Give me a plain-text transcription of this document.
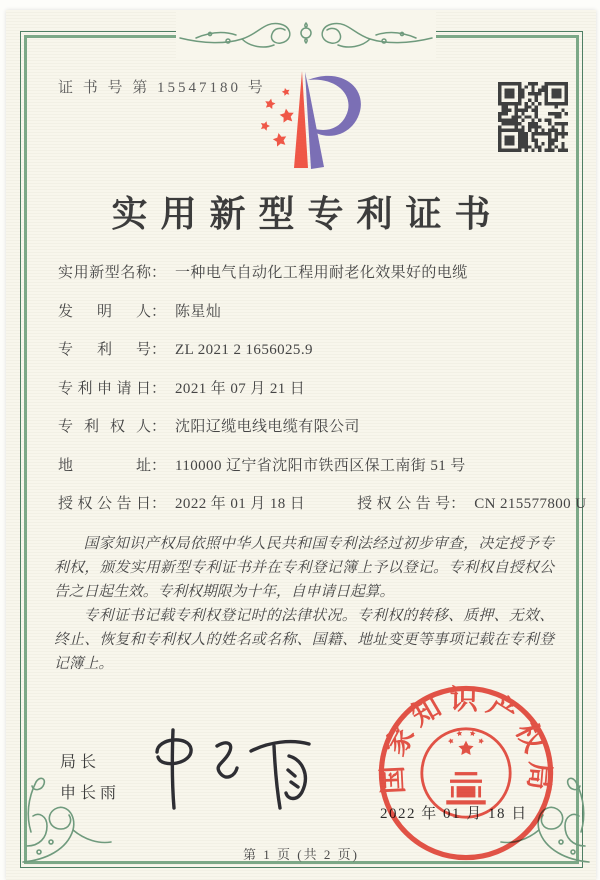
证 书 号 第 15547180 号
实用新型专利证书
实用新型名称 ： 一种电气自动化工程用耐老化效果好的电缆
发明人 ： 陈星灿
专利号 ： ZL 2021 2 1656025.9
专利申请日 ： 2021 年 07 月 21 日
专利权人 ： 沈阳辽缆电线电缆有限公司
地址 ： 110000 辽宁省沈阳市铁西区保工南街 51 号
授权公告日 ： 2022 年 01 月 18 日	授权公告号 ： CN 215577800 U

国家知识产权局依照中华人民共和国专利法经过初步审查，决定授予专利权，颁发实用新型专利证书并在专利登记簿上予以登记。专利权自授权公告之日起生效。专利权期限为十年，自申请日起算。

专利证书记载专利权登记时的法律状况。专利权的转移、质押、无效、终止、恢复和专利权人的姓名或名称、国籍、地址变更等事项记载在专利登记簿上。

局长
申长雨
2022 年 01 月 18 日
国家知识产权局
第 1 页 (共 2 页)
